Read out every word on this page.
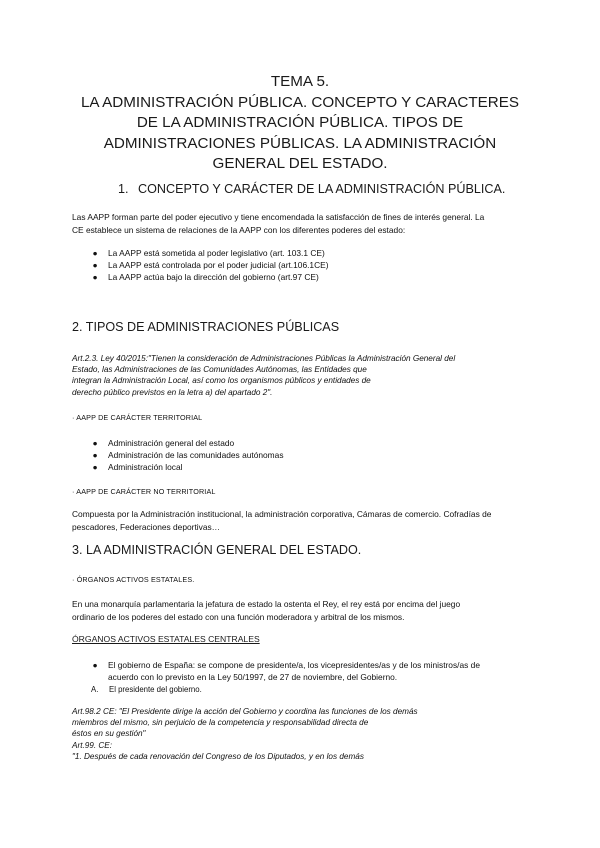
TEMA 5.
LA ADMINISTRACIÓN PÚBLICA. CONCEPTO Y CARACTERES
DE LA ADMINISTRACIÓN PÚBLICA. TIPOS DE
ADMINISTRACIONES PÚBLICAS. LA ADMINISTRACIÓN
GENERAL DEL ESTADO.
1. CONCEPTO Y CARÁCTER DE LA ADMINISTRACIÓN PÚBLICA.
Las AAPP forman parte del poder ejecutivo y tiene encomendada la satisfacción de fines de interés general. La
CE establece un sistema de relaciones de la AAPP con los diferentes poderes del estado:
● La AAPP está sometida al poder legislativo (art. 103.1 CE)
● La AAPP está controlada por el poder judicial (art.106.1CE)
● La AAPP actúa bajo la dirección del gobierno (art.97 CE)
2. TIPOS DE ADMINISTRACIONES PÚBLICAS
Art.2.3. Ley 40/2015:"Tienen la consideración de Administraciones Públicas la Administración General del
Estado, las Administraciones de las Comunidades Autónomas, las Entidades que
integran la Administración Local, así como los organismos públicos y entidades de
derecho público previstos en la letra a) del apartado 2".
· AAPP DE CARÁCTER TERRITORIAL
● Administración general del estado
● Administración de las comunidades autónomas
● Administración local
· AAPP DE CARÁCTER NO TERRITORIAL
Compuesta por la Administración institucional, la administración corporativa, Cámaras de comercio. Cofradías de
pescadores, Federaciones deportivas…
3. LA ADMINISTRACIÓN GENERAL DEL ESTADO.
· ÓRGANOS ACTIVOS ESTATALES.
En una monarquía parlamentaria la jefatura de estado la ostenta el Rey, el rey está por encima del juego
ordinario de los poderes del estado con una función moderadora y arbitral de los mismos.
ÓRGANOS ACTIVOS ESTATALES CENTRALES
● El gobierno de España: se compone de presidente/a, los vicepresidentes/as y de los ministros/as de
acuerdo con lo previsto en la Ley 50/1997, de 27 de noviembre, del Gobierno.
A. El presidente del gobierno.
Art.98.2 CE: "El Presidente dirige la acción del Gobierno y coordina las funciones de los demás
miembros del mismo, sin perjuicio de la competencia y responsabilidad directa de
éstos en su gestión"
Art.99. CE:
"1. Después de cada renovación del Congreso de los Diputados, y en los demás
